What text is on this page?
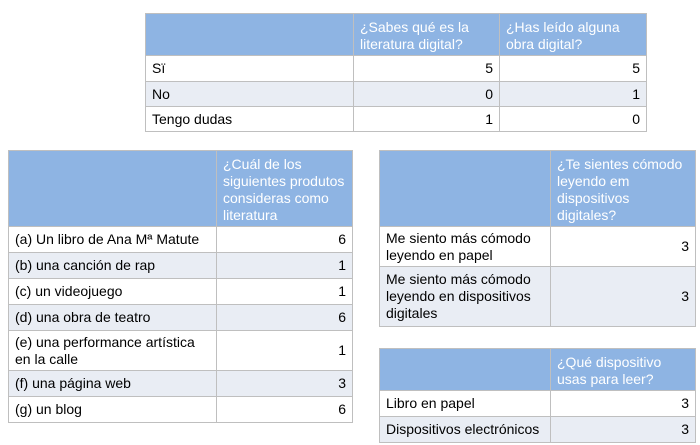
	¿Sabes qué es la
literatura digital?	¿Has leído alguna
obra digital?
Sï	5	5
No	0	1
Tengo dudas	1	0
	¿Cuál de los
siguientes produtos
consideras como
literatura
(a) Un libro de Ana Mª Matute	6
(b) una canción de rap	1
(c) un videojuego	1
(d) una obra de teatro	6
(e) una performance artística
en la calle	1
(f) una página web	3
(g) un blog	6
	¿Te sientes cómodo
leyendo em
dispositivos
digitales?
Me siento más cómodo
leyendo en papel	3
Me siento más cómodo
leyendo en dispositivos
digitales	3
	¿Qué dispositivo
usas para leer?
Libro en papel	3
Dispositivos electrónicos	3
